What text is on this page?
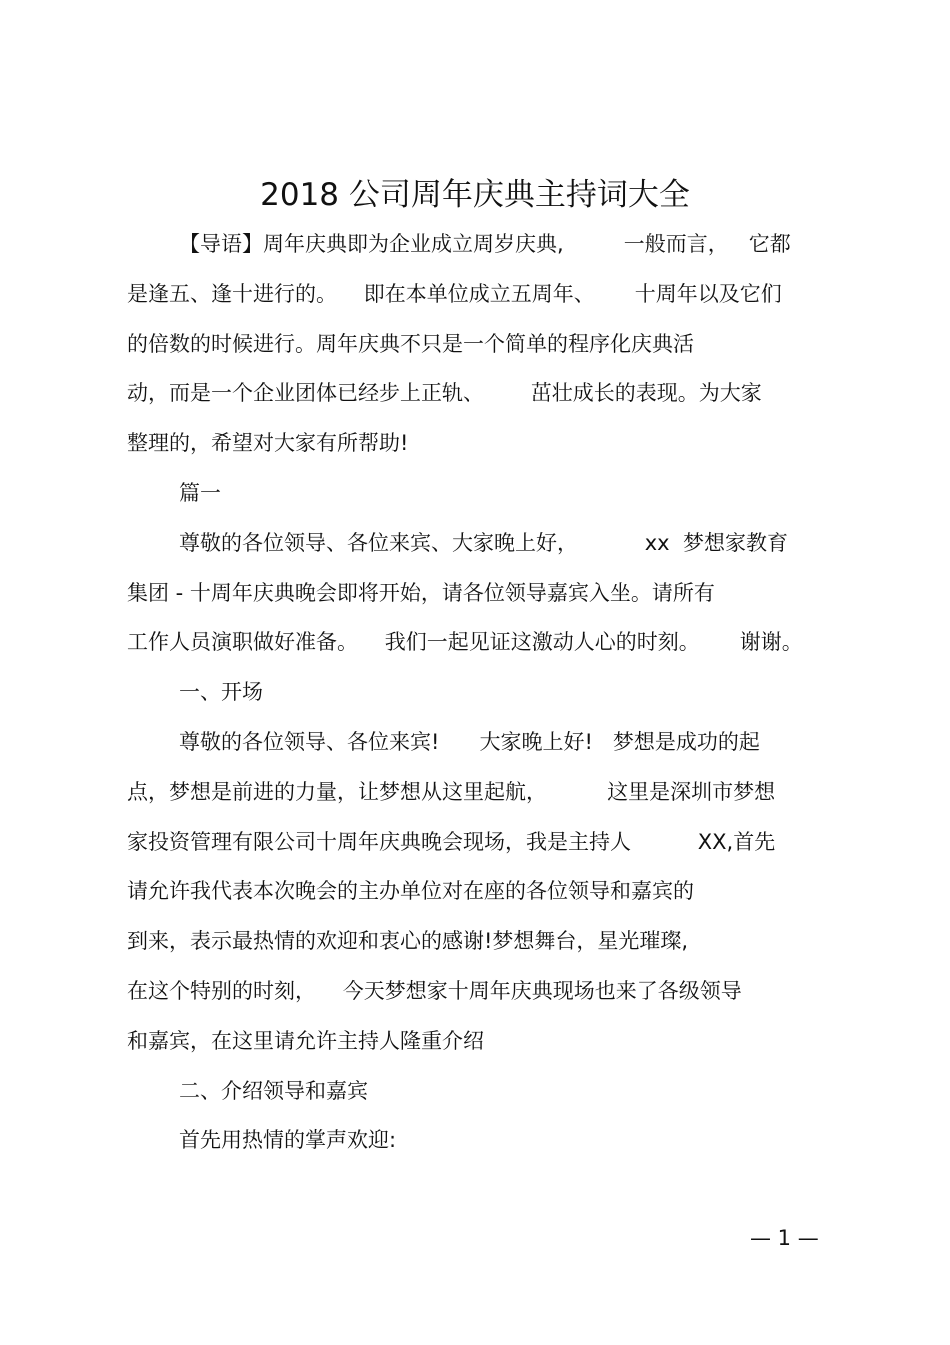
2018 公司周年庆典主持词大全
【导语】周年庆典即为企业成立周岁庆典,         一般而言，   它都
是逢五、逢十进行的。    即在本单位成立五周年、      十周年以及它们
的倍数的时候进行。周年庆典不只是一个简单的程序化庆典活
动，而是一个企业团体已经步上正轨、       茁壮成长的表现。为大家
整理的，希望对大家有所帮助!
篇一
尊敬的各位领导、各位来宾、大家晚上好，          xx  梦想家教育
集团 - 十周年庆典晚会即将开始，请各位领导嘉宾入坐。请所有
工作人员演职做好准备。    我们一起见证这激动人心的时刻。      谢谢。
一、开场
尊敬的各位领导、各位来宾!      大家晚上好!   梦想是成功的起
点，梦想是前进的力量，让梦想从这里起航，         这里是深圳市梦想
家投资管理有限公司十周年庆典晚会现场，我是主持人          XX,首先
请允许我代表本次晚会的主办单位对在座的各位领导和嘉宾的
到来，表示最热情的欢迎和衷心的感谢!梦想舞台，星光璀璨,
在这个特别的时刻，    今天梦想家十周年庆典现场也来了各级领导
和嘉宾，在这里请允许主持人隆重介绍
二、介绍领导和嘉宾
首先用热情的掌声欢迎:
— 1 —
